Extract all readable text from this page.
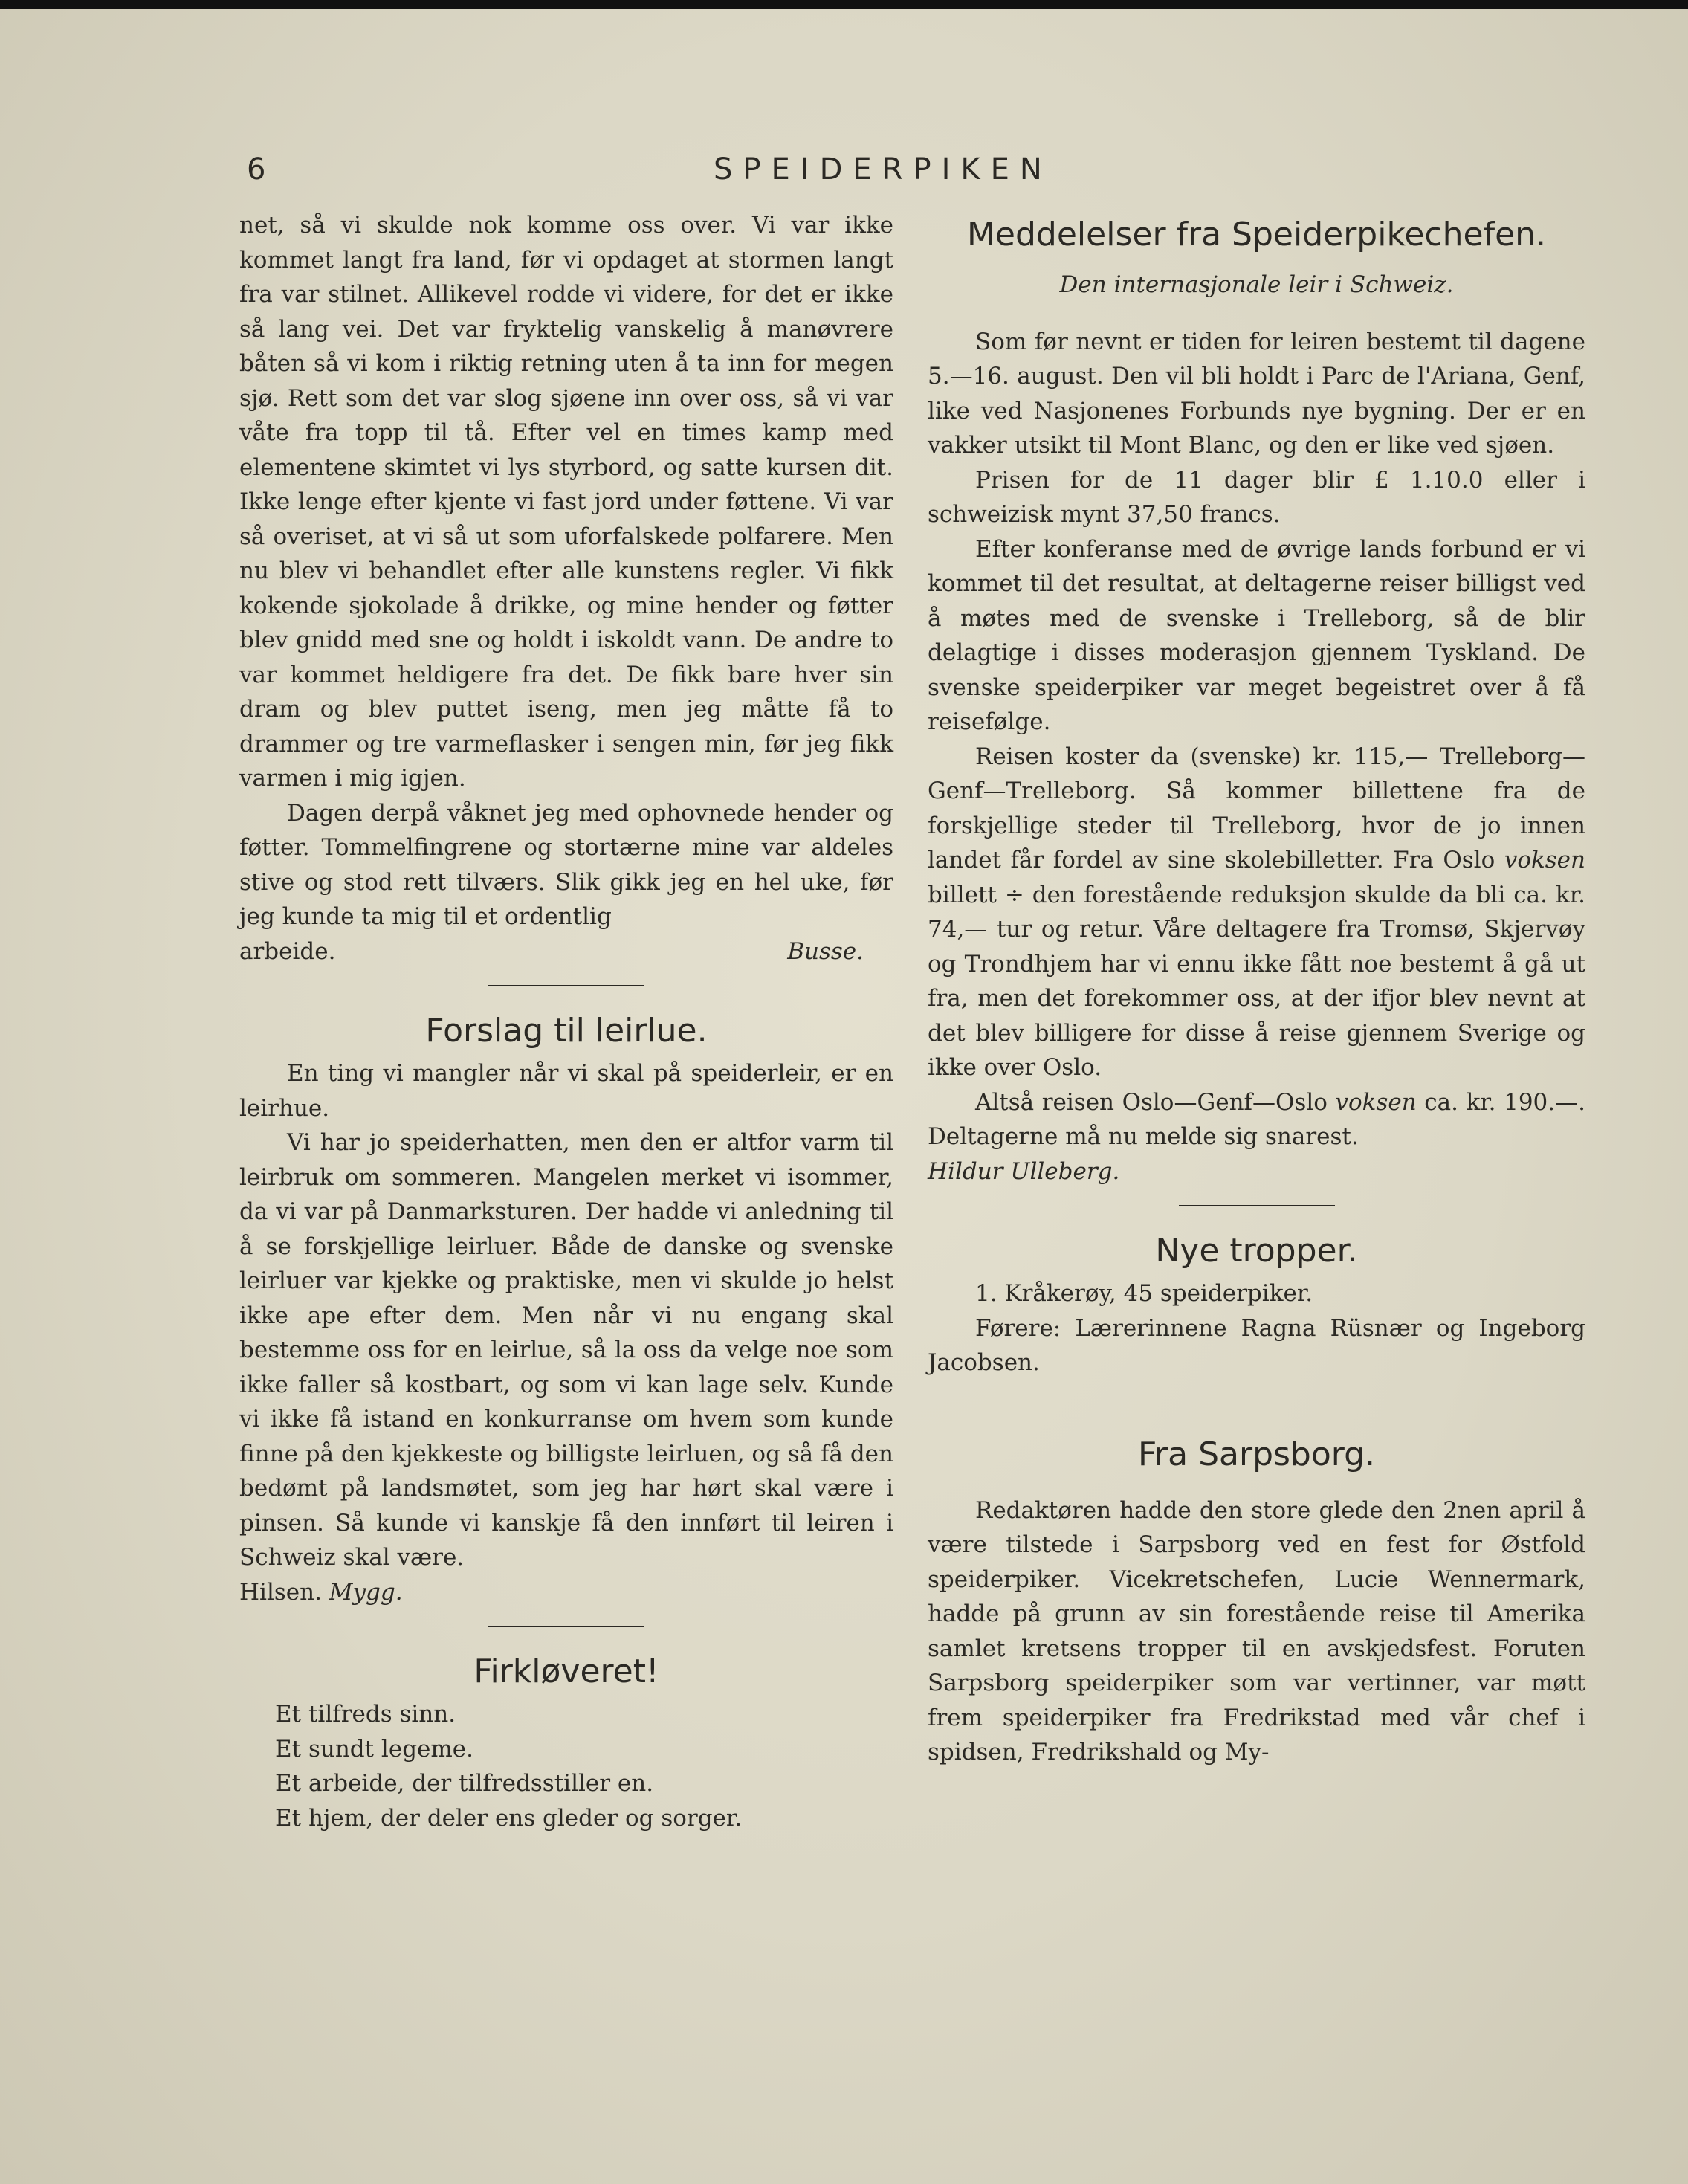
6	SPEIDERPIKEN

net, så vi skulde nok komme oss over. Vi var ikke kommet langt fra land, før vi opdaget at stormen langt fra var stilnet. Allikevel rodde vi videre, for det er ikke så lang vei. Det var fryktelig vanskelig å manøvrere båten så vi kom i riktig retning uten å ta inn for megen sjø. Rett som det var slog sjøene inn over oss, så vi var våte fra topp til tå. Efter vel en times kamp med elementene skimtet vi lys styrbord, og satte kursen dit. Ikke lenge efter kjente vi fast jord under føttene. Vi var så overiset, at vi så ut som uforfalskede polfarere. Men nu blev vi behandlet efter alle kunstens regler. Vi fikk kokende sjokolade å drikke, og mine hender og føtter blev gnidd med sne og holdt i iskoldt vann. De andre to var kommet heldigere fra det. De fikk bare hver sin dram og blev puttet iseng, men jeg måtte få to drammer og tre varmeflasker i sengen min, før jeg fikk varmen i mig igjen.

Dagen derpå våknet jeg med ophovnede hender og føtter. Tommelfingrene og stortærne mine var aldeles stive og stod rett tilværs. Slik gikk jeg en hel uke, før jeg kunde ta mig til et ordentlig

arbeide.	Busse.
Forslag til leirlue.

En ting vi mangler når vi skal på speiderleir, er en leirhue.

Vi har jo speiderhatten, men den er altfor varm til leirbruk om sommeren. Mangelen merket vi isommer, da vi var på Danmarksturen. Der hadde vi anledning til å se forskjellige leirluer. Både de danske og svenske leirluer var kjekke og praktiske, men vi skulde jo helst ikke ape efter dem. Men når vi nu engang skal bestemme oss for en leirlue, så la oss da velge noe som ikke faller så kostbart, og som vi kan lage selv. Kunde vi ikke få istand en konkurranse om hvem som kunde finne på den kjekkeste og billigste leirluen, og så få den bedømt på landsmøtet, som jeg har hørt skal være i pinsen. Så kunde vi kanskje få den innført til leiren i Schweiz skal være.

Hilsen. Mygg.

Firkløveret!

Et tilfreds sinn.

Et sundt legeme.

Et arbeide, der tilfredsstiller en.

Et hjem, der deler ens gleder og sorger.

Meddelelser fra Speiderpikechefen.
Den internasjonale leir i Schweiz.

Som før nevnt er tiden for leiren bestemt til dagene 5.—16. august. Den vil bli holdt i Parc de l'Ariana, Genf, like ved Nasjonenes Forbunds nye bygning. Der er en vakker utsikt til Mont Blanc, og den er like ved sjøen.

Prisen for de 11 dager blir £ 1.10.0 eller i schweizisk mynt 37,50 francs.

Efter konferanse med de øvrige lands forbund er vi kommet til det resultat, at deltagerne reiser billigst ved å møtes med de svenske i Trelleborg, så de blir delagtige i disses moderasjon gjennem Tyskland. De svenske speiderpiker var meget begeistret over å få reisefølge.

Reisen koster da (svenske) kr. 115,— Trelleborg—Genf—Trelleborg. Så kommer billettene fra de forskjellige steder til Trelleborg, hvor de jo innen landet får fordel av sine skolebilletter. Fra Oslo voksen billett ÷ den forestående reduksjon skulde da bli ca. kr. 74,— tur og retur. Våre deltagere fra Tromsø, Skjervøy og Trondhjem har vi ennu ikke fått noe bestemt å gå ut fra, men det forekommer oss, at der ifjor blev nevnt at det blev billigere for disse å reise gjennem Sverige og ikke over Oslo.

Altså reisen Oslo—Genf—Oslo voksen ca. kr. 190.—. Deltagerne må nu melde sig snarest.

Hildur Ulleberg.

Nye tropper.

1. Kråkerøy, 45 speiderpiker.

Førere: Lærerinnene Ragna Rüsnær og Ingeborg Jacobsen.

Fra Sarpsborg.

Redaktøren hadde den store glede den 2nen april å være tilstede i Sarpsborg ved en fest for Østfold speiderpiker. Vicekretschefen, Lucie Wennermark, hadde på grunn av sin forestående reise til Amerika samlet kretsens tropper til en avskjedsfest. Foruten Sarpsborg speiderpiker som var vertinner, var møtt frem speiderpiker fra Fredrikstad med vår chef i spidsen, Fredrikshald og My-
